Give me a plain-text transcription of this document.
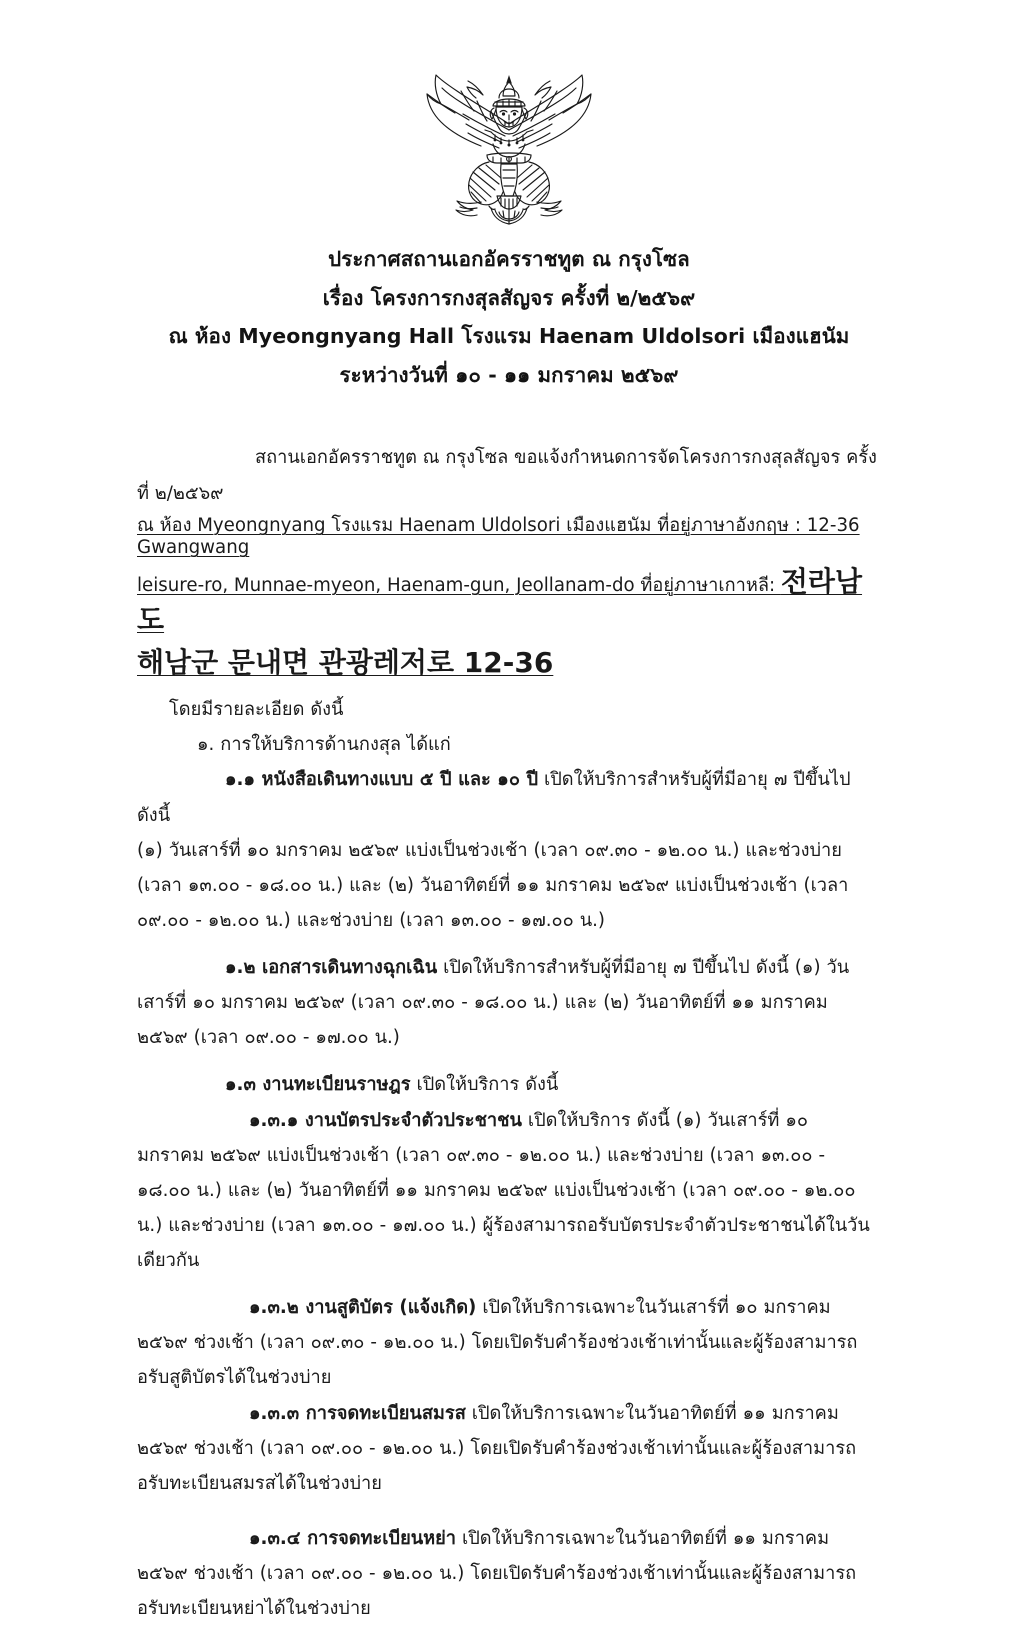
ประกาศสถานเอกอัครราชทูต ณ กรุงโซล
เรื่อง โครงการกงสุลสัญจร ครั้งที่ ๒/๒๕๖๙
ณ ห้อง Myeongnyang Hall โรงแรม Haenam Uldolsori เมืองแฮนัม
ระหว่างวันที่ ๑๐ - ๑๑ มกราคม ๒๕๖๙

สถานเอกอัครราชทูต ณ กรุงโซล ขอแจ้งกำหนดการจัดโครงการกงสุลสัญจร ครั้งที่ ๒/๒๕๖๙

ณ ห้อง Myeongnyang โรงแรม Haenam Uldolsori เมืองแฮนัม ที่อยู่ภาษาอังกฤษ : 12-36 Gwangwang

leisure-ro, Munnae-myeon, Haenam-gun, Jeollanam-do ที่อยู่ภาษาเกาหลี: 전라남도

해남군 문내면 관광레저로 12-36

โดยมีรายละเอียด ดังนี้

๑. การให้บริการด้านกงสุล ได้แก่

๑.๑ หนังสือเดินทางแบบ ๕ ปี และ ๑๐ ปี เปิดให้บริการสำหรับผู้ที่มีอายุ ๗ ปีขึ้นไป ดังนี้

(๑) วันเสาร์ที่ ๑๐ มกราคม ๒๕๖๙ แบ่งเป็นช่วงเช้า (เวลา ๐๙.๓๐ - ๑๒.๐๐ น.) และช่วงบ่าย (เวลา ๑๓.๐๐ - ๑๘.๐๐ น.) และ (๒) วันอาทิตย์ที่ ๑๑ มกราคม ๒๕๖๙ แบ่งเป็นช่วงเช้า (เวลา ๐๙.๐๐ - ๑๒.๐๐ น.) และช่วงบ่าย (เวลา ๑๓.๐๐ - ๑๗.๐๐ น.)

๑.๒ เอกสารเดินทางฉุกเฉิน เปิดให้บริการสำหรับผู้ที่มีอายุ ๗ ปีขึ้นไป ดังนี้ (๑) วันเสาร์ที่ ๑๐ มกราคม ๒๕๖๙ (เวลา ๐๙.๓๐ - ๑๘.๐๐ น.) และ (๒) วันอาทิตย์ที่ ๑๑ มกราคม ๒๕๖๙ (เวลา ๐๙.๐๐ - ๑๗.๐๐ น.)

๑.๓ งานทะเบียนราษฎร เปิดให้บริการ ดังนี้

๑.๓.๑ งานบัตรประจำตัวประชาชน เปิดให้บริการ ดังนี้ (๑) วันเสาร์ที่ ๑๐ มกราคม ๒๕๖๙ แบ่งเป็นช่วงเช้า (เวลา ๐๙.๓๐ - ๑๒.๐๐ น.) และช่วงบ่าย (เวลา ๑๓.๐๐ - ๑๘.๐๐ น.) และ (๒) วันอาทิตย์ที่ ๑๑ มกราคม ๒๕๖๙ แบ่งเป็นช่วงเช้า (เวลา ๐๙.๐๐ - ๑๒.๐๐ น.) และช่วงบ่าย (เวลา ๑๓.๐๐ - ๑๗.๐๐ น.) ผู้ร้องสามารถอรับบัตรประจำตัวประชาชนได้ในวันเดียวกัน

๑.๓.๒ งานสูติบัตร (แจ้งเกิด) เปิดให้บริการเฉพาะในวันเสาร์ที่ ๑๐ มกราคม ๒๕๖๙ ช่วงเช้า (เวลา ๐๙.๓๐ - ๑๒.๐๐ น.) โดยเปิดรับคำร้องช่วงเช้าเท่านั้นและผู้ร้องสามารถอรับสูติบัตรได้ในช่วงบ่าย

๑.๓.๓ การจดทะเบียนสมรส เปิดให้บริการเฉพาะในวันอาทิตย์ที่ ๑๑ มกราคม ๒๕๖๙ ช่วงเช้า (เวลา ๐๙.๐๐ - ๑๒.๐๐ น.) โดยเปิดรับคำร้องช่วงเช้าเท่านั้นและผู้ร้องสามารถอรับทะเบียนสมรสได้ในช่วงบ่าย

๑.๓.๔ การจดทะเบียนหย่า เปิดให้บริการเฉพาะในวันอาทิตย์ที่ ๑๑ มกราคม ๒๕๖๙ ช่วงเช้า (เวลา ๐๙.๐๐ - ๑๒.๐๐ น.) โดยเปิดรับคำร้องช่วงเช้าเท่านั้นและผู้ร้องสามารถอรับทะเบียนหย่าได้ในช่วงบ่าย
